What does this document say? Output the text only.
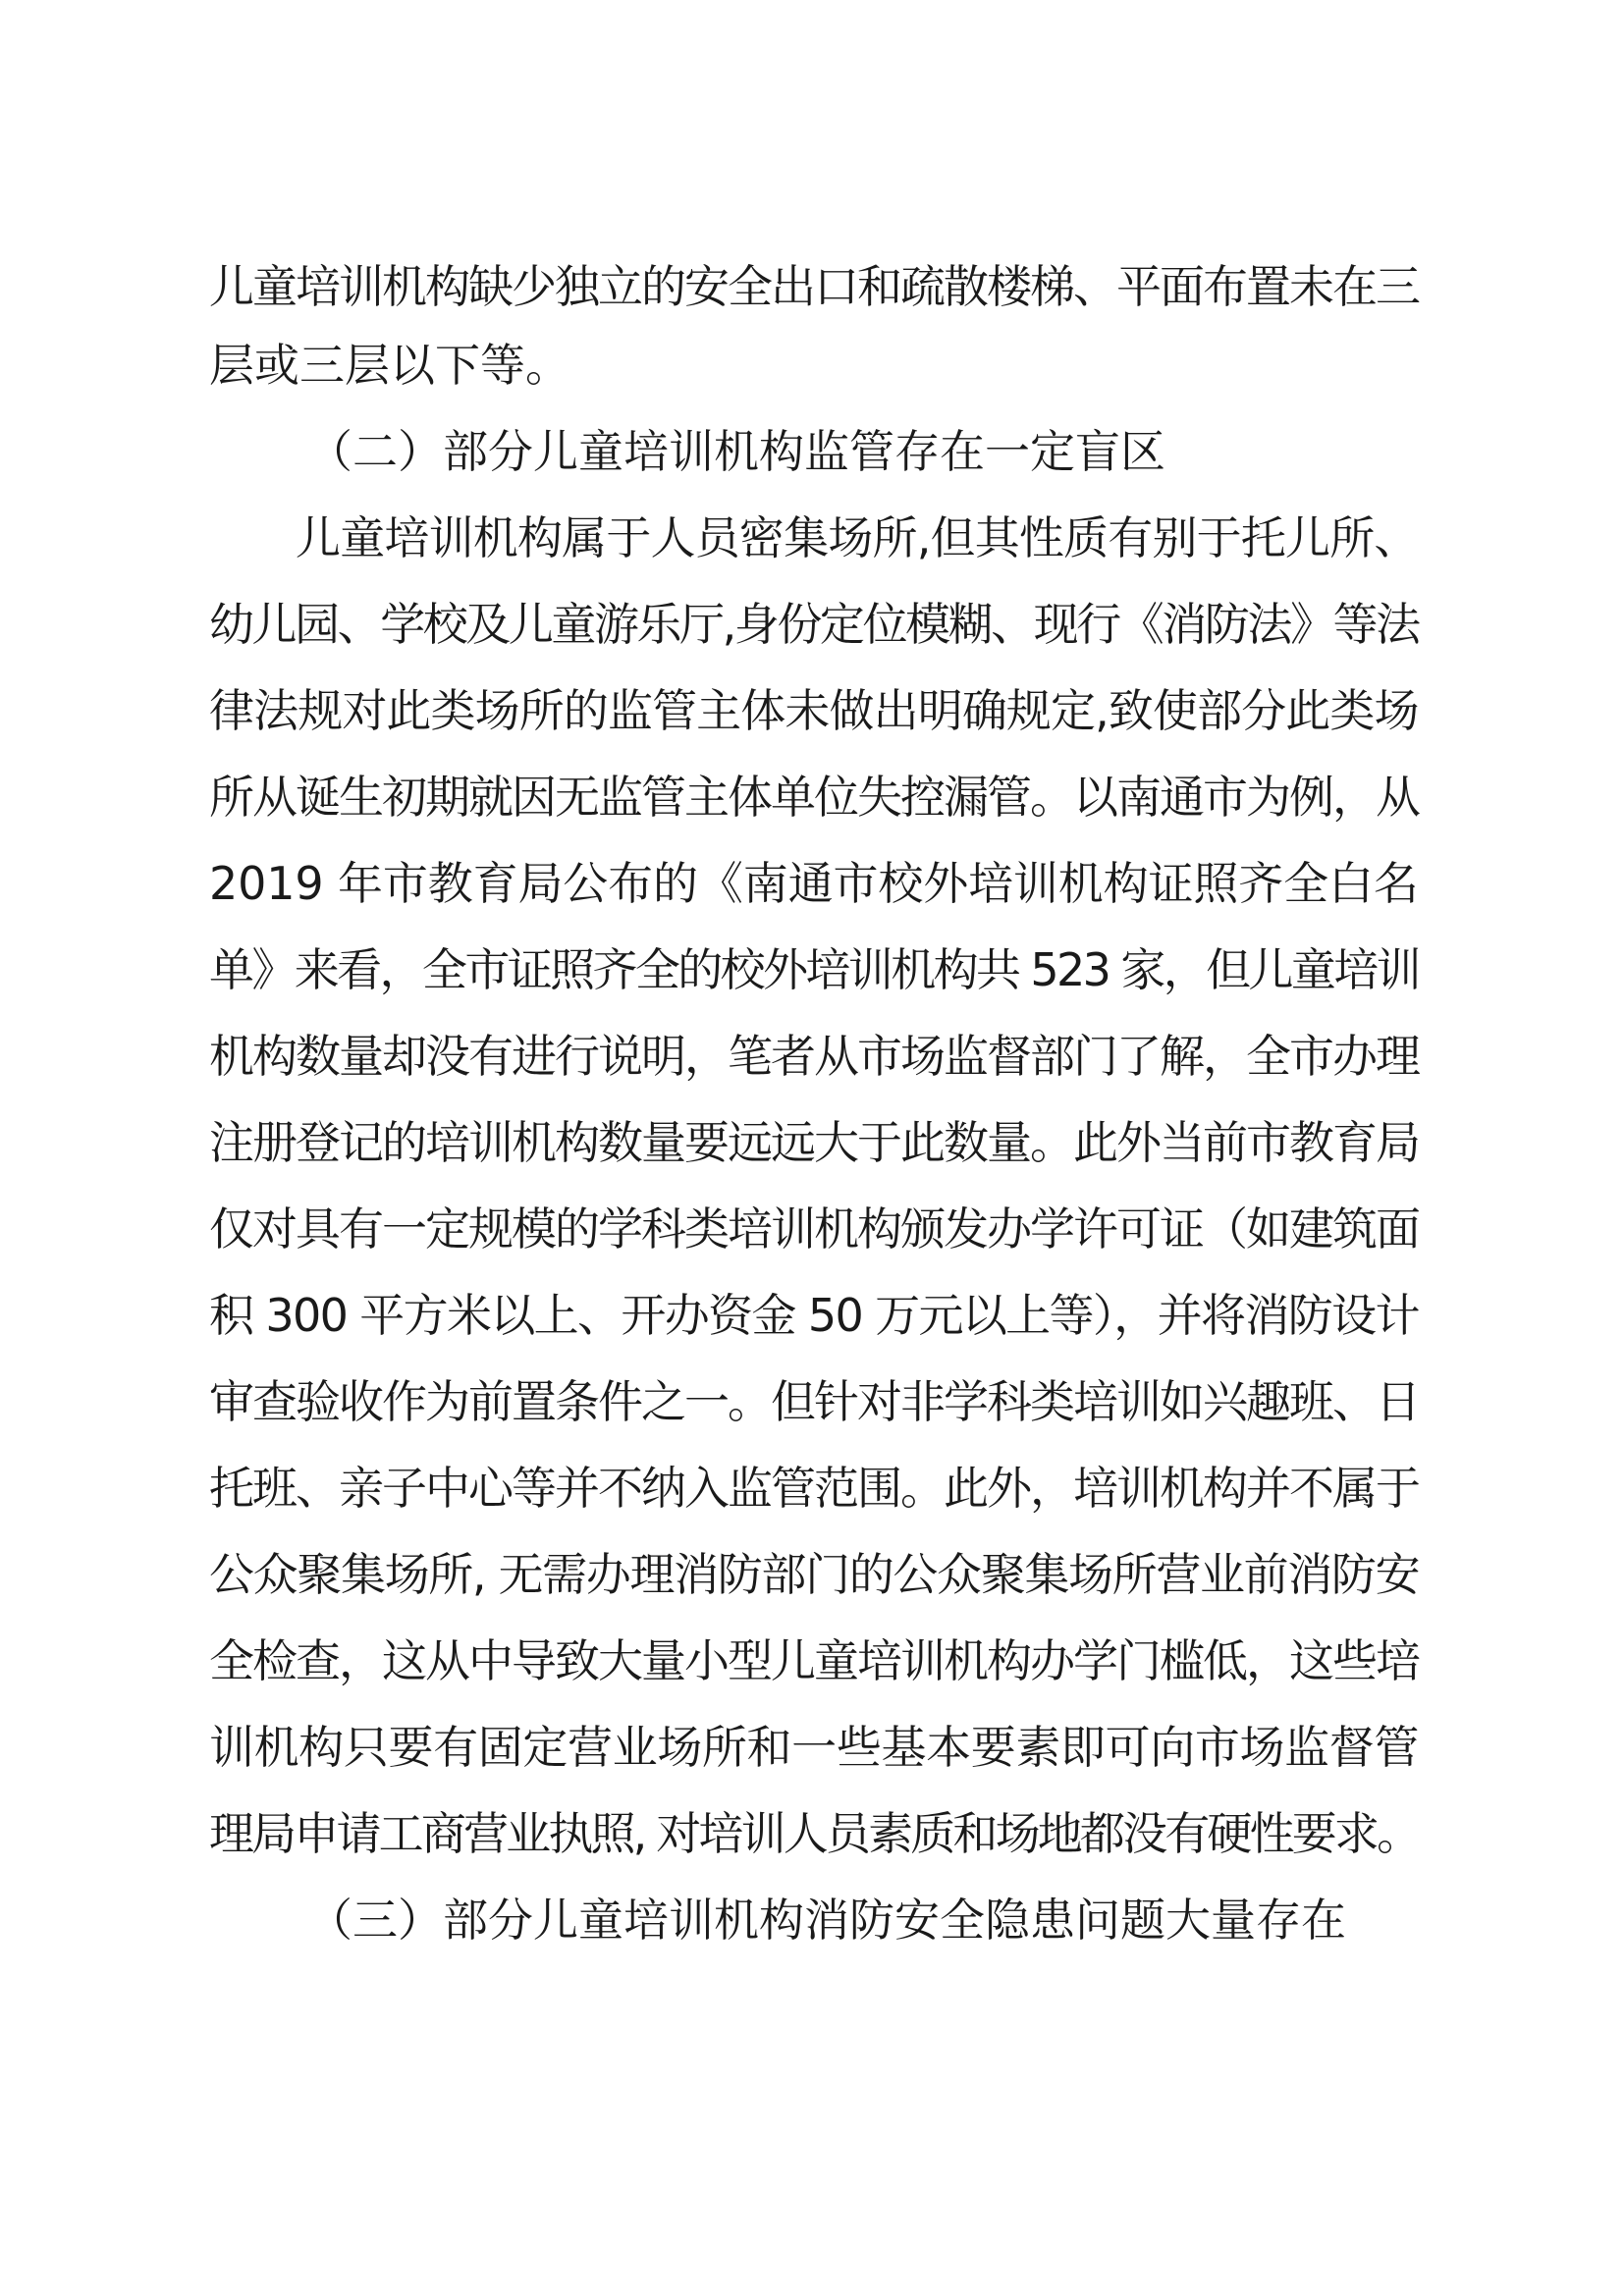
儿童培训机构缺少独立的安全出口和疏散楼梯、平面布置未在三
层或三层以下等。
（二）部分儿童培训机构监管存在一定盲区
儿童培训机构属于人员密集场所,但其性质有别于托儿所、
幼儿园、学校及儿童游乐厅,身份定位模糊、现行《消防法》等法
律法规对此类场所的监管主体未做出明确规定,致使部分此类场
所从诞生初期就因无监管主体单位失控漏管。以南通市为例，从
2019 年市教育局公布的《南通市校外培训机构证照齐全白名
单》来看，全市证照齐全的校外培训机构共 523 家，但儿童培训
机构数量却没有进行说明，笔者从市场监督部门了解，全市办理
注册登记的培训机构数量要远远大于此数量。此外当前市教育局
仅对具有一定规模的学科类培训机构颁发办学许可证（如建筑面
积 300 平方米以上、开办资金 50 万元以上等），并将消防设计
审查验收作为前置条件之一。但针对非学科类培训如兴趣班、日
托班、亲子中心等并不纳入监管范围。此外，培训机构并不属于
公众聚集场所, 无需办理消防部门的公众聚集场所营业前消防安
全检查，这从中导致大量小型儿童培训机构办学门槛低，这些培
训机构只要有固定营业场所和一些基本要素即可向市场监督管
理局申请工商营业执照, 对培训人员素质和场地都没有硬性要求。
（三）部分儿童培训机构消防安全隐患问题大量存在
